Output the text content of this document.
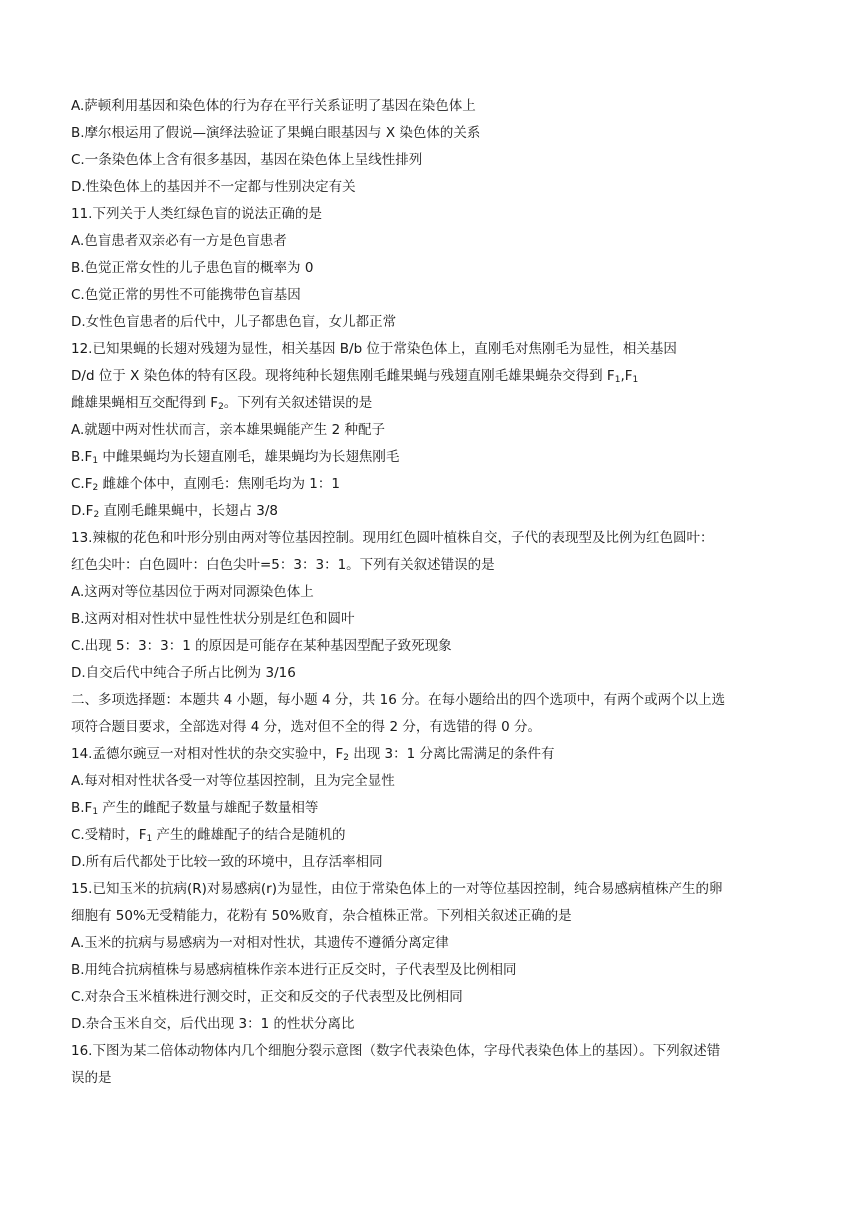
A.萨顿利用基因和染色体的行为存在平行关系证明了基因在染色体上
B.摩尔根运用了假说—演绎法验证了果蝇白眼基因与 X 染色体的关系
C.一条染色体上含有很多基因，基因在染色体上呈线性排列
D.性染色体上的基因并不一定都与性别决定有关
11.下列关于人类红绿色盲的说法正确的是
A.色盲患者双亲必有一方是色盲患者
B.色觉正常女性的儿子患色盲的概率为 0
C.色觉正常的男性不可能携带色盲基因
D.女性色盲患者的后代中，儿子都患色盲，女儿都正常
12.已知果蝇的长翅对残翅为显性，相关基因 B/b 位于常染色体上，直刚毛对焦刚毛为显性，相关基因
D/d 位于 X 染色体的特有区段。现将纯种长翅焦刚毛雌果蝇与残翅直刚毛雄果蝇杂交得到 $F_1,F_1$
雌雄果蝇相互交配得到 $F_2$。下列有关叙述错误的是
A.就题中两对性状而言，亲本雄果蝇能产生 2 种配子
$B.F_1$ 中雌果蝇均为长翅直刚毛，雄果蝇均为长翅焦刚毛
$C.F_2$ 雌雄个体中，直刚毛：焦刚毛均为 1：1
$D.F_2$ 直刚毛雌果蝇中，长翅占 3/8
13.辣椒的花色和叶形分别由两对等位基因控制。现用红色圆叶植株自交，子代的表现型及比例为红色圆叶：
红色尖叶：白色圆叶：白色尖叶=5：3：3：1。下列有关叙述错误的是
A.这两对等位基因位于两对同源染色体上
B.这两对相对性状中显性性状分别是红色和圆叶
C.出现 5：3：3：1 的原因是可能存在某种基因型配子致死现象
D.自交后代中纯合子所占比例为 3/16
二、多项选择题：本题共 4 小题，每小题 4 分，共 16 分。在每小题给出的四个选项中，有两个或两个以上选
项符合题目要求，全部选对得 4 分，选对但不全的得 2 分，有选错的得 0 分。
14.孟德尔豌豆一对相对性状的杂交实验中，$F_2$ 出现 3：1 分离比需满足的条件有
A.每对相对性状各受一对等位基因控制，且为完全显性
$B.F_1$ 产生的雌配子数量与雄配子数量相等
C.受精时，$F_1$ 产生的雌雄配子的结合是随机的
D.所有后代都处于比较一致的环境中，且存活率相同
15.已知玉米的抗病(R)对易感病(r)为显性，由位于常染色体上的一对等位基因控制，纯合易感病植株产生的卵
细胞有 50%无受精能力，花粉有 50%败育，杂合植株正常。下列相关叙述正确的是
A.玉米的抗病与易感病为一对相对性状，其遗传不遵循分离定律
B.用纯合抗病植株与易感病植株作亲本进行正反交时，子代表型及比例相同
C.对杂合玉米植株进行测交时，正交和反交的子代表型及比例相同
D.杂合玉米自交，后代出现 3：1 的性状分离比
16.下图为某二倍体动物体内几个细胞分裂示意图（数字代表染色体，字母代表染色体上的基因）。下列叙述错
误的是
